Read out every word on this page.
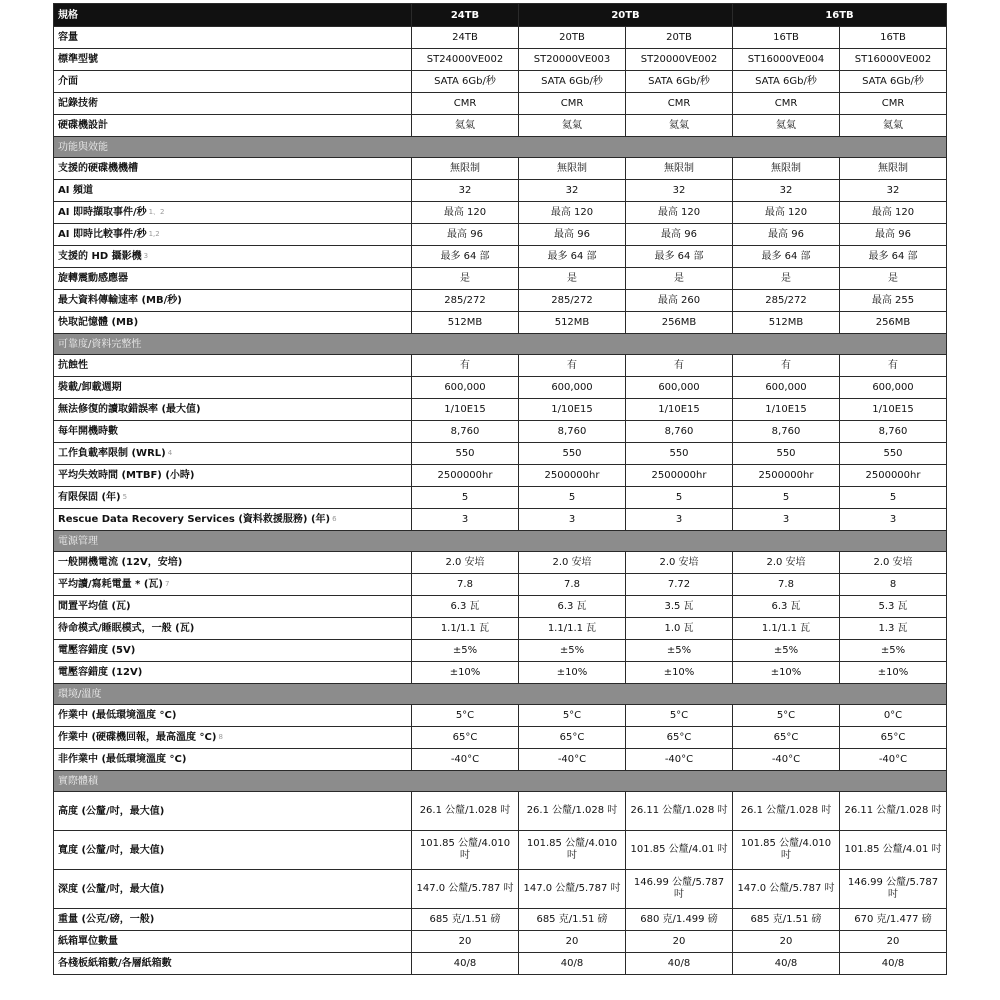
規格	24TB	20TB		16TB	
容量	24TB	20TB	20TB	16TB	16TB
標準型號	ST24000VE002	ST20000VE003	ST20000VE002	ST16000VE004	ST16000VE002
介面	SATA 6Gb/秒	SATA 6Gb/秒	SATA 6Gb/秒	SATA 6Gb/秒	SATA 6Gb/秒
記錄技術	CMR	CMR	CMR	CMR	CMR
硬碟機設計	氦氣	氦氣	氦氣	氦氣	氦氣
功能與效能					
支援的硬碟機機槽	無限制	無限制	無限制	無限制	無限制
AI 頻道	32	32	32	32	32
AI 即時擷取事件/秒 1、2	最高 120	最高 120	最高 120	最高 120	最高 120
AI 即時比較事件/秒 1,2	最高 96	最高 96	最高 96	最高 96	最高 96
支援的 HD 攝影機 3	最多 64 部	最多 64 部	最多 64 部	最多 64 部	最多 64 部
旋轉震動感應器	是	是	是	是	是
最大資料傳輸速率 (MB/秒)	285/272	285/272	最高 260	285/272	最高 255
快取記憶體 (MB)	512MB	512MB	256MB	512MB	256MB
可靠度/資料完整性					
抗蝕性	有	有	有	有	有
裝載/卸載週期	600,000	600,000	600,000	600,000	600,000
無法修復的讀取錯誤率 (最大值)	1/10E15	1/10E15	1/10E15	1/10E15	1/10E15
每年開機時數	8,760	8,760	8,760	8,760	8,760
工作負載率限制 (WRL) 4	550	550	550	550	550
平均失效時間 (MTBF) (小時)	2500000hr	2500000hr	2500000hr	2500000hr	2500000hr
有限保固 (年) 5	5	5	5	5	5
Rescue Data Recovery Services (資料救援服務) (年) 6	3	3	3	3	3
電源管理					
一般開機電流 (12V，安培)	2.0 安培	2.0 安培	2.0 安培	2.0 安培	2.0 安培
平均讀/寫耗電量 * (瓦) 7	7.8	7.8	7.72	7.8	8
閒置平均值 (瓦)	6.3 瓦	6.3 瓦	3.5 瓦	6.3 瓦	5.3 瓦
待命模式/睡眠模式，一般 (瓦)	1.1/1.1 瓦	1.1/1.1 瓦	1.0 瓦	1.1/1.1 瓦	1.3 瓦
電壓容錯度 (5V)	±5%	±5%	±5%	±5%	±5%
電壓容錯度 (12V)	±10%	±10%	±10%	±10%	±10%
環境/溫度					
作業中 (最低環境溫度 °C)	5°C	5°C	5°C	5°C	0°C
作業中 (硬碟機回報，最高溫度 °C) 8	65°C	65°C	65°C	65°C	65°C
非作業中 (最低環境溫度 °C)	-40°C	-40°C	-40°C	-40°C	-40°C
實際體積					
高度 (公釐/吋，最大值)	26.1 公釐/1.028 吋	26.1 公釐/1.028 吋	26.11 公釐/1.028 吋	26.1 公釐/1.028 吋	26.11 公釐/1.028 吋
寬度 (公釐/吋，最大值)	101.85 公釐/4.010 吋	101.85 公釐/4.010 吋	101.85 公釐/4.01 吋	101.85 公釐/4.010 吋	101.85 公釐/4.01 吋
深度 (公釐/吋，最大值)	147.0 公釐/5.787 吋	147.0 公釐/5.787 吋	146.99 公釐/5.787 吋	147.0 公釐/5.787 吋	146.99 公釐/5.787 吋
重量 (公克/磅，一般)	685 克/1.51 磅	685 克/1.51 磅	680 克/1.499 磅	685 克/1.51 磅	670 克/1.477 磅
紙箱單位數量	20	20	20	20	20
各棧板紙箱數/各層紙箱數	40/8	40/8	40/8	40/8	40/8
